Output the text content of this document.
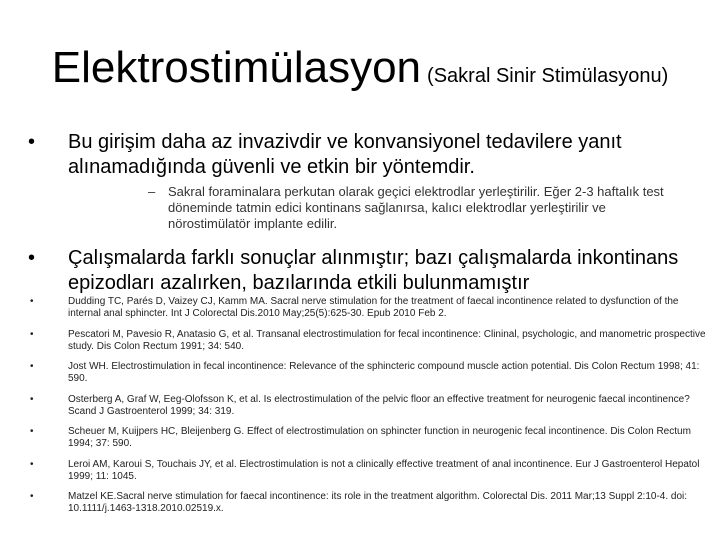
Elektrostimülasyon (Sakral Sinir Stimülasyonu)
• Bu girişim daha az invazivdir ve konvansiyonel tedavilere yanıt alınamadığında güvenli ve etkin bir yöntemdir.
– Sakral foraminalara perkutan olarak geçici elektrodlar yerleştirilir. Eğer 2-3 haftalık test döneminde tatmin edici kontinans sağlanırsa, kalıcı elektrodlar yerleştirilir ve nörostimülatör implante edilir.
• Çalışmalarda farklı sonuçlar alınmıştır; bazı çalışmalarda inkontinans epizodları azalırken, bazılarında etkili bulunmamıştır
•	Dudding TC, Parés D, Vaizey CJ, Kamm MA. Sacral nerve stimulation for the treatment of faecal incontinence related to dysfunction of the internal anal sphincter. Int J Colorectal Dis.2010 May;25(5):625-30. Epub 2010 Feb 2.
•	Pescatori M, Pavesio R, Anatasio G, et al. Transanal electrostimulation for fecal incontinence: Clininal, psychologic, and manometric prospective study. Dis Colon Rectum 1991; 34: 540.
•	Jost WH. Electrostimulation in fecal incontinence: Relevance of the sphincteric compound muscle action potential. Dis Colon Rectum 1998; 41: 590.
•	Osterberg A, Graf W, Eeg-Olofsson K, et al. Is electrostimulation of the pelvic floor an effective treatment for neurogenic faecal incontinence? Scand J Gastroenterol 1999; 34: 319.
•	Scheuer M, Kuijpers HC, Bleijenberg G. Effect of electrostimulation on sphincter function in neurogenic fecal incontinence. Dis Colon Rectum 1994; 37: 590.
•	Leroi AM, Karoui S, Touchais JY, et al. Electrostimulation is not a clinically effective treatment of anal incontinence. Eur J Gastroenterol Hepatol 1999; 11: 1045.
•	Matzel KE.Sacral nerve stimulation for faecal incontinence: its role in the treatment algorithm. Colorectal Dis. 2011 Mar;13 Suppl 2:10-4. doi: 10.1111/j.1463-1318.2010.02519.x.
